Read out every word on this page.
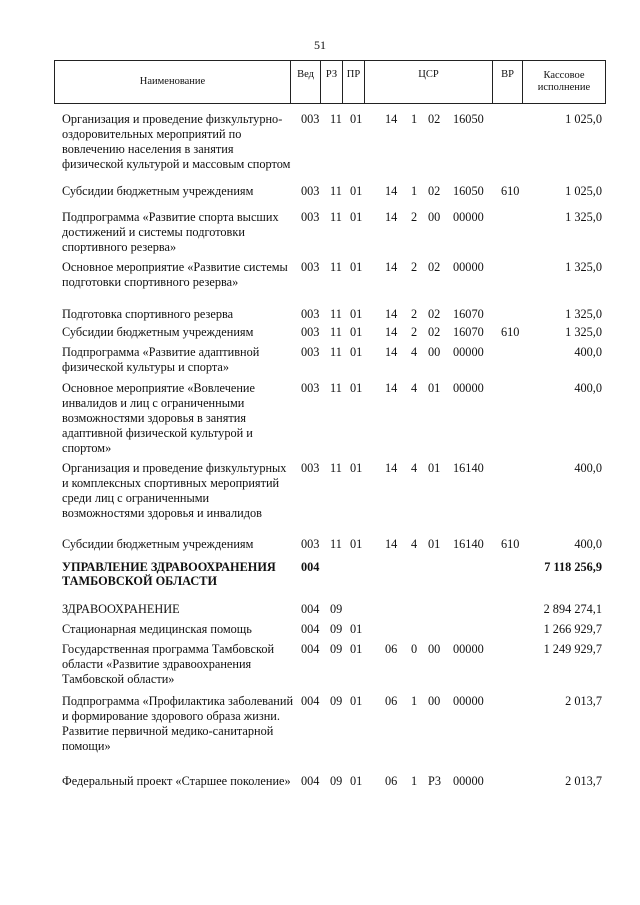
51
Наименование
Вед	РЗ ПР	ЦСР	ВР	Кассовое исполнение
Организация и проведение физкультурно-оздоровительных мероприятий по вовлечению населения в занятия физической культурой и массовым спортом
003 11 01 14 1 02 16050	1 025,0
Субсидии бюджетным учреждениям	003 11 01 14 1 02 16050 610	1 025,0
Подпрограмма «Развитие спорта высших достижений и системы подготовки спортивного резерва»
003 11 01 14 2 00 00000	1 325,0
Основное мероприятие «Развитие системы подготовки спортивного резерва»
003 11 01 14 2 02 00000	1 325,0
Подготовка спортивного резерва	003 11 01 14 2 02 16070	1 325,0
Субсидии бюджетным учреждениям	003 11 01 14 2 02 16070 610	1 325,0
Подпрограмма «Развитие адаптивной физической культуры и спорта»
003 11 01 14 4 00 00000	400,0
Основное мероприятие «Вовлечение инвалидов и лиц с ограниченными возможностями здоровья в занятия адаптивной физической культурой и спортом»
003 11 01 14 4 01 00000	400,0
Организация и проведение физкультурных и комплексных спортивных мероприятий среди лиц с ограниченными возможностями здоровья и инвалидов
003 11 01 14 4 01 16140	400,0
Субсидии бюджетным учреждениям	003 11 01 14 4 01 16140 610	400,0
УПРАВЛЕНИЕ ЗДРАВООХРАНЕНИЯ ТАМБОВСКОЙ ОБЛАСТИ
004	7 118 256,9
ЗДРАВООХРАНЕНИЕ	004 09	2 894 274,1
Стационарная медицинская помощь	004 09 01	1 266 929,7
Государственная программа Тамбовской области «Развитие здравоохранения Тамбовской области»
004 09 01 06 0 00 00000	1 249 929,7
Подпрограмма «Профилактика заболеваний и формирование здорового образа жизни. Развитие первичной медико-санитарной помощи»
004 09 01 06 1 00 00000	2 013,7
Федеральный проект «Старшее поколение» 004 09 01 06 1 Р3 00000	2 013,7
